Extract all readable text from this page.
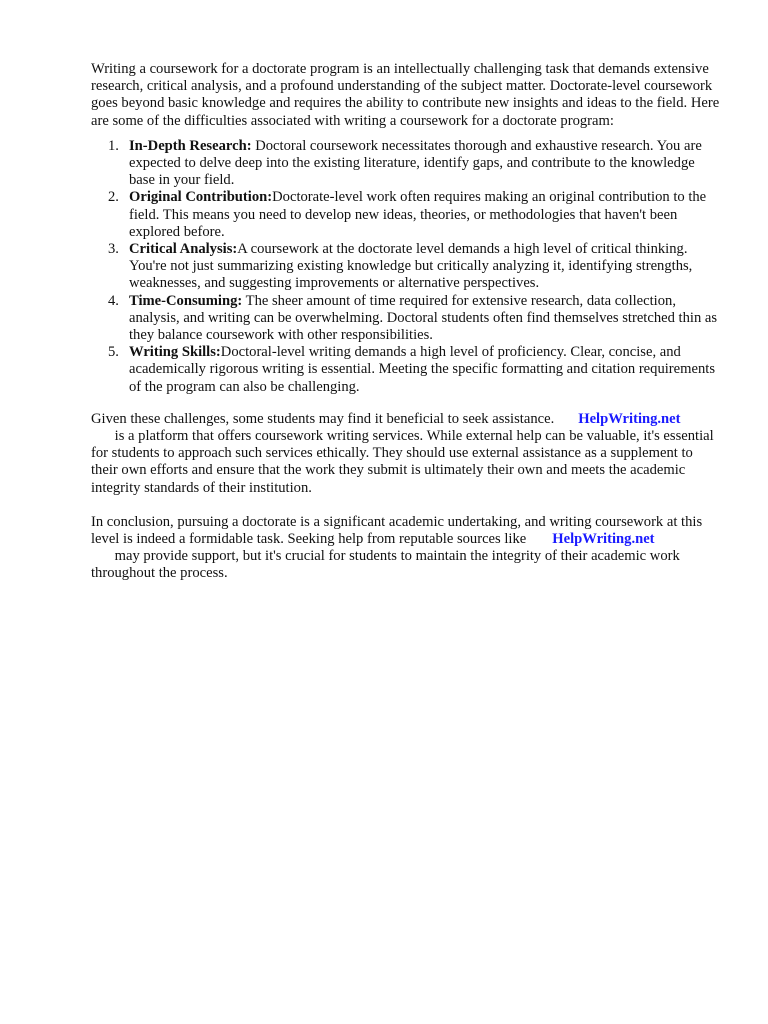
Writing a coursework for a doctorate program is an intellectually challenging task that demands extensive research, critical analysis, and a profound understanding of the subject matter. Doctorate-level coursework goes beyond basic knowledge and requires the ability to contribute new insights and ideas to the field. Here are some of the difficulties associated with writing a coursework for a doctorate program:

1. In-Depth Research: Doctoral coursework necessitates thorough and exhaustive research. You are expected to delve deep into the existing literature, identify gaps, and contribute to the knowledge base in your field.
2. Original Contribution:Doctorate-level work often requires making an original contribution to the field. This means you need to develop new ideas, theories, or methodologies that haven't been explored before.
3. Critical Analysis:A coursework at the doctorate level demands a high level of critical thinking. You're not just summarizing existing knowledge but critically analyzing it, identifying strengths, weaknesses, and suggesting improvements or alternative perspectives.
4. Time-Consuming: The sheer amount of time required for extensive research, data collection, analysis, and writing can be overwhelming. Doctoral students often find themselves stretched thin as they balance coursework with other responsibilities.
5. Writing Skills:Doctoral-level writing demands a high level of proficiency. Clear, concise, and academically rigorous writing is essential. Meeting the specific formatting and citation requirements of the program can also be challenging.

Given these challenges, some students may find it beneficial to seek assistance. HelpWriting.net
is a platform that offers coursework writing services. While external help can be valuable, it's essential for students to approach such services ethically. They should use external assistance as a supplement to their own efforts and ensure that the work they submit is ultimately their own and meets the academic integrity standards of their institution.

In conclusion, pursuing a doctorate is a significant academic undertaking, and writing coursework at this level is indeed a formidable task. Seeking help from reputable sources like HelpWriting.net
may provide support, but it's crucial for students to maintain the integrity of their academic work throughout the process.
